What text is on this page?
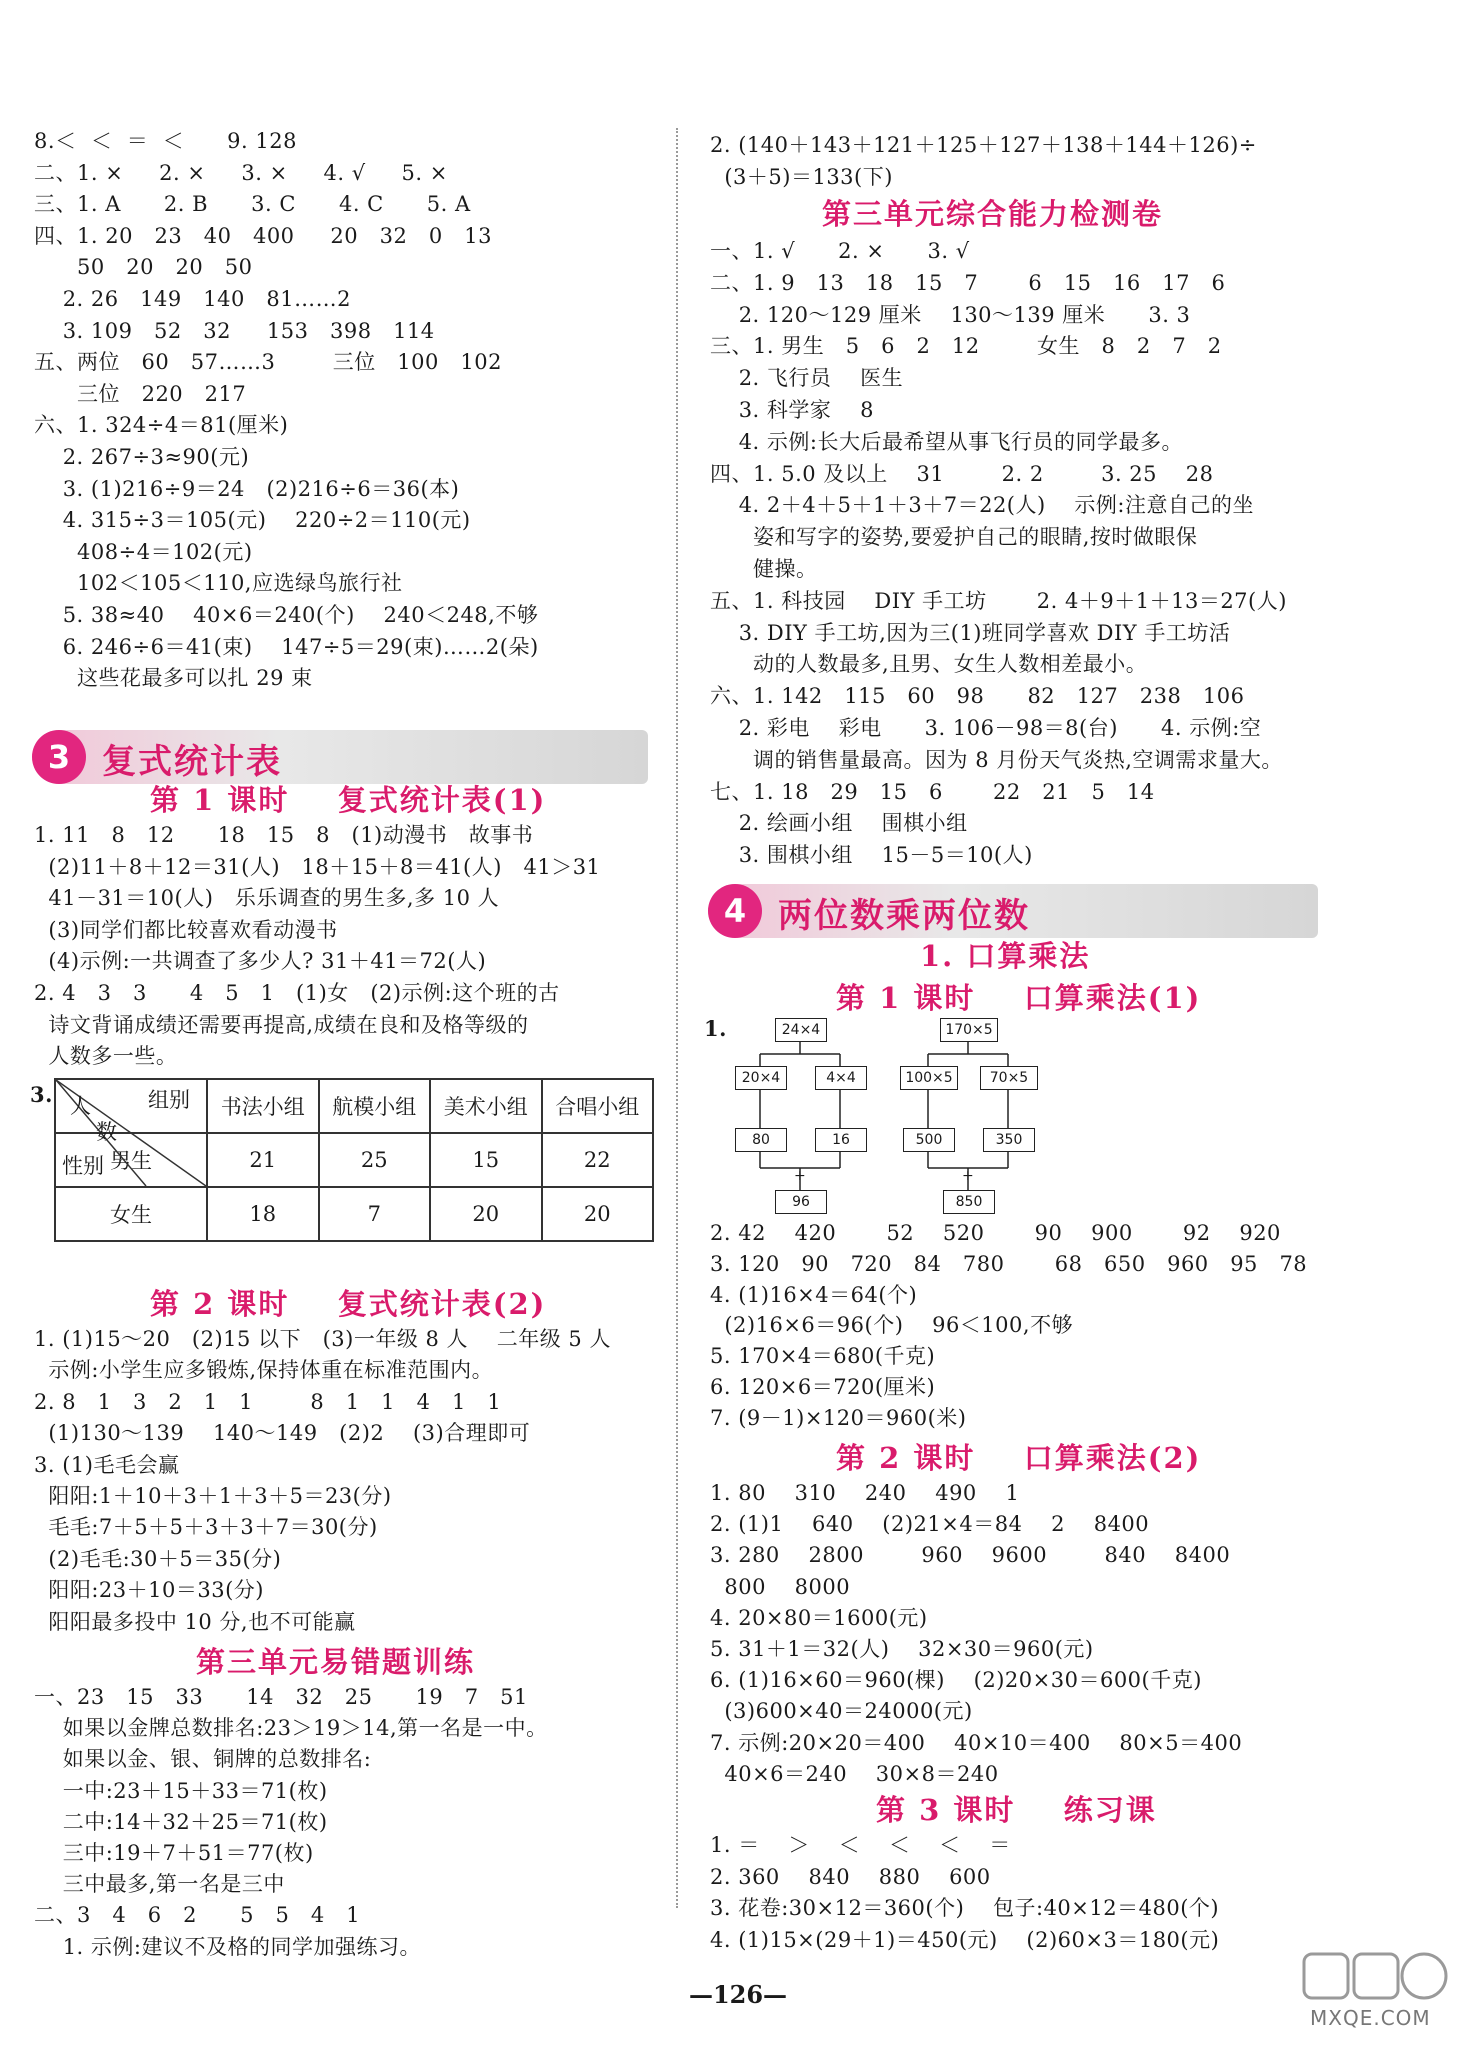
8.＜  ＜  ＝  ＜      9. 128
二、1. ×     2. ×     3. ×     4. √     5. ×
三、1. A      2. B      3. C      4. C      5. A
四、1. 20   23   40   400     20   32   0   13
50   20   20   50
2. 26   149   140   81……2
3. 109   52   32     153   398   114
五、两位   60   57……3        三位   100   102
三位   220   217
六、1. 324÷4＝81(厘米)
2. 267÷3≈90(元)
3. (1)216÷9＝24   (2)216÷6＝36(本)
4. 315÷3＝105(元)    220÷2＝110(元)
408÷4＝102(元)
102＜105＜110,应选绿鸟旅行社
5. 38≈40    40×6＝240(个)    240＜248,不够
6. 246÷6＝41(束)    147÷5＝29(束)……2(朵)
这些花最多可以扎 29 束
3 复式统计表
第 1 课时    复式统计表(1)
1. 11   8   12      18   15   8   (1)动漫书   故事书
(2)11＋8＋12＝31(人)   18＋15＋8＝41(人)   41＞31
41－31＝10(人)   乐乐调查的男生多,多 10 人
(3)同学们都比较喜欢看动漫书
(4)示例:一共调查了多少人? 31＋41＝72(人)
2. 4   3   3      4   5   1   (1)女   (2)示例:这个班的古
诗文背诵成绩还需要再提高,成绩在良和及格等级的
人数多一些。
3.	组别
人
数
性别	书法小组	航模小组	美术小组	合唱小组
男生	21	25	15	22
女生	18	7	20	20
第 2 课时    复式统计表(2)
1. (1)15～20   (2)15 以下   (3)一年级 8 人    二年级 5 人
示例:小学生应多锻炼,保持体重在标准范围内。
2. 8   1   3   2   1   1        8   1   1   4   1   1
(1)130～139    140～149   (2)2    (3)合理即可
3. (1)毛毛会赢
阳阳:1＋10＋3＋1＋3＋5＝23(分)
毛毛:7＋5＋5＋3＋3＋7＝30(分)
(2)毛毛:30＋5＝35(分)
阳阳:23＋10＝33(分)
阳阳最多投中 10 分,也不可能赢
第三单元易错题训练
一、23   15   33      14   32   25      19   7   51
如果以金牌总数排名:23＞19＞14,第一名是一中。
如果以金、银、铜牌的总数排名:
一中:23＋15＋33＝71(枚)
二中:14＋32＋25＝71(枚)
三中:19＋7＋51＝77(枚)
三中最多,第一名是三中
二、3   4   6   2      5   5   4   1
1. 示例:建议不及格的同学加强练习。
2. (140＋143＋121＋125＋127＋138＋144＋126)÷
(3＋5)＝133(下)
第三单元综合能力检测卷
一、1. √      2. ×      3. √
二、1. 9   13   18   15   7       6   15   16   17   6
2. 120～129 厘米    130～139 厘米      3. 3
三、1. 男生   5   6   2   12        女生   8   2   7   2
2. 飞行员    医生
3. 科学家    8
4. 示例:长大后最希望从事飞行员的同学最多。
四、1. 5.0 及以上    31        2. 2        3. 25    28
4. 2＋4＋5＋1＋3＋7＝22(人)    示例:注意自己的坐
姿和写字的姿势,要爱护自己的眼睛,按时做眼保
健操。
五、1. 科技园    DIY 手工坊       2. 4＋9＋1＋13＝27(人)
3. DIY 手工坊,因为三(1)班同学喜欢 DIY 手工坊活
动的人数最多,且男、女生人数相差最小。
六、1. 142   115   60   98      82   127   238   106
2. 彩电    彩电      3. 106－98＝8(台)      4. 示例:空
调的销售量最高。因为 8 月份天气炎热,空调需求量大。
七、1. 18   29   15   6       22   21   5   14
2. 绘画小组    围棋小组
3. 围棋小组    15－5＝10(人)
4 两位数乘两位数
1. 口算乘法
第 1 课时    口算乘法(1)
1.	24×4
20×4	4×4
80	16
+
96
170×5
100×5	70×5
500	350
+
850
2. 42    420       52    520       90    900       92    920
3. 120   90   720   84   780       68   650   960   95   78
4. (1)16×4＝64(个)
(2)16×6＝96(个)    96＜100,不够
5. 170×4＝680(千克)
6. 120×6＝720(厘米)
7. (9－1)×120＝960(米)
第 2 课时    口算乘法(2)
1. 80    310    240    490    1
2. (1)1    640    (2)21×4＝84    2    8400
3. 280    2800        960    9600        840    8400
800    8000
4. 20×80＝1600(元)
5. 31＋1＝32(人)    32×30＝960(元)
6. (1)16×60＝960(棵)    (2)20×30＝600(千克)
(3)600×40＝24000(元)
7. 示例:20×20＝400    40×10＝400    80×5＝400
40×6＝240    30×8＝240
第 3 课时    练习课
1. ＝    ＞    ＜    ＜    ＜    ＝
2. 360    840    880    600
3. 花卷:30×12＝360(个)    包子:40×12＝480(个)
4. (1)15×(29＋1)＝450(元)    (2)60×3＝180(元)
—126—
MXQE.COM
